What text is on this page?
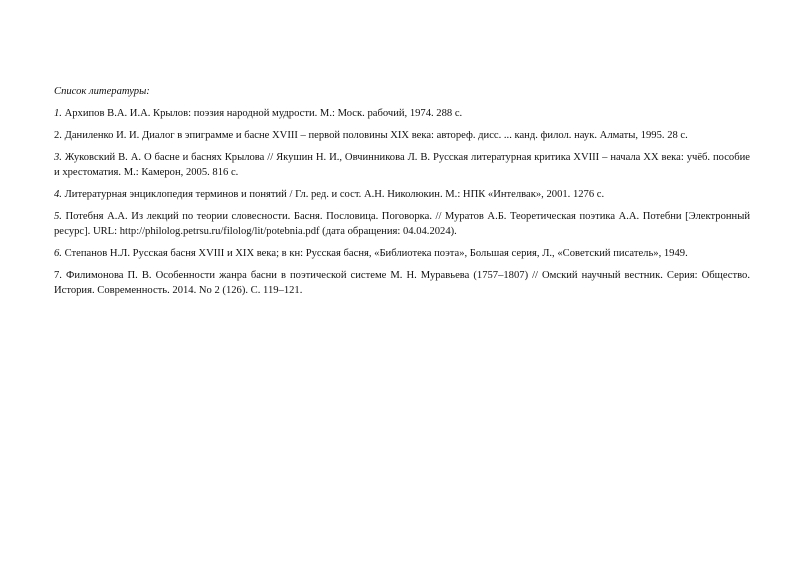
Список литературы:

1. Архипов В.А. И.А. Крылов: поэзия народной мудрости. М.: Моск. рабочий, 1974. 288 с.

2. Даниленко И. И. Диалог в эпиграмме и басне XVIII – первой половины XIX века: автореф. дисс. ... канд. филол. наук. Алматы, 1995. 28 с.

3. Жуковский В. А. О басне и баснях Крылова // Якушин Н. И., Овчинникова Л. В. Русская литературная критика XVIII – начала XX века: учёб. пособие и хрестоматия. М.: Камерон, 2005. 816 с.

4. Литературная энциклопедия терминов и понятий / Гл. ред. и сост. А.Н. Николюкин. М.: НПК «Интелвак», 2001. 1276 с.

5. Потебня А.А. Из лекций по теории словесности. Басня. Пословица. Поговорка. // Муратов А.Б. Теоретическая поэтика А.А. Потебни [Электронный ресурс]. URL: http://philolog.petrsu.ru/filolog/lit/potebnia.pdf (дата обращения: 04.04.2024).

6. Степанов Н.Л. Русская басня XVIII и XIX века; в кн: Русская басня, «Библиотека поэта», Большая серия, Л., «Советский писатель», 1949.

7. Филимонова П. В. Особенности жанра басни в поэтической системе М. Н. Муравьева (1757–1807) // Омский научный вестник. Серия: Общество. История. Современность. 2014. No 2 (126). С. 119–121.
